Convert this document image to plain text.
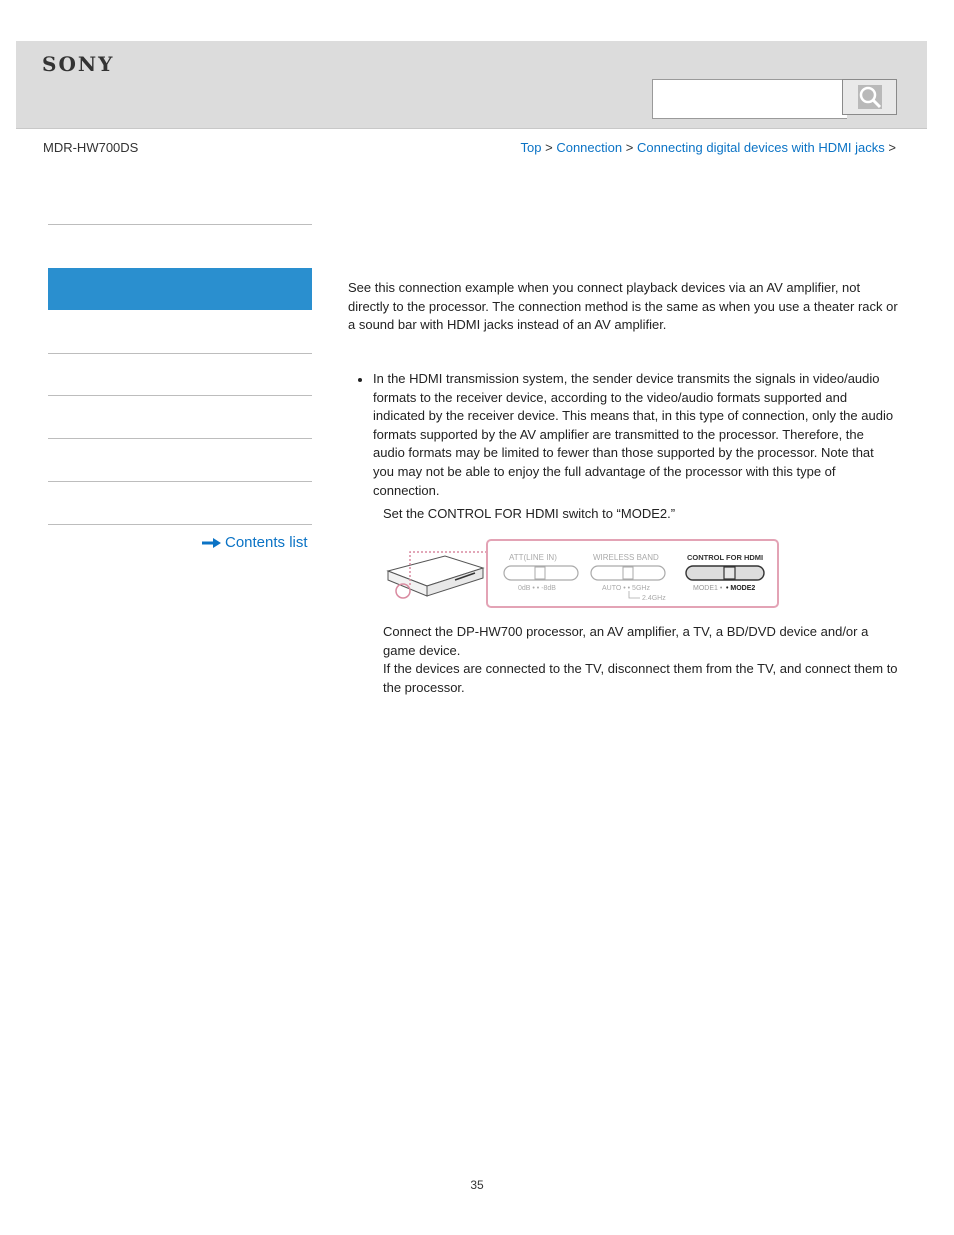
SONY
MDR-HW700DS	Top > Connection > Connecting digital devices with HDMI jacks >
Contents list

See this connection example when you connect playback devices via an AV amplifier, not directly to the processor. The connection method is the same as when you use a theater rack or a sound bar with HDMI jacks instead of an AV amplifier.

In the HDMI transmission system, the sender device transmits the signals in video/audio formats to the receiver device, according to the video/audio formats supported and indicated by the receiver device. This means that, in this type of connection, only the audio formats supported by the AV amplifier are transmitted to the processor. Therefore, the audio formats may be limited to fewer than those supported by the processor. Note that you may not be able to enjoy the full advantage of the processor with this type of connection.

Set the CONTROL FOR HDMI switch to “MODE2.”

ATT(LINE IN)
0dB • • -8dB
WIRELESS BAND
AUTO • • 5GHz
2.4GHz
CONTROL FOR HDMI
MODE1 • • MODE2

Connect the DP-HW700 processor, an AV amplifier, a TV, a BD/DVD device and/or a game device.
If the devices are connected to the TV, disconnect them from the TV, and connect them to the processor.

35
